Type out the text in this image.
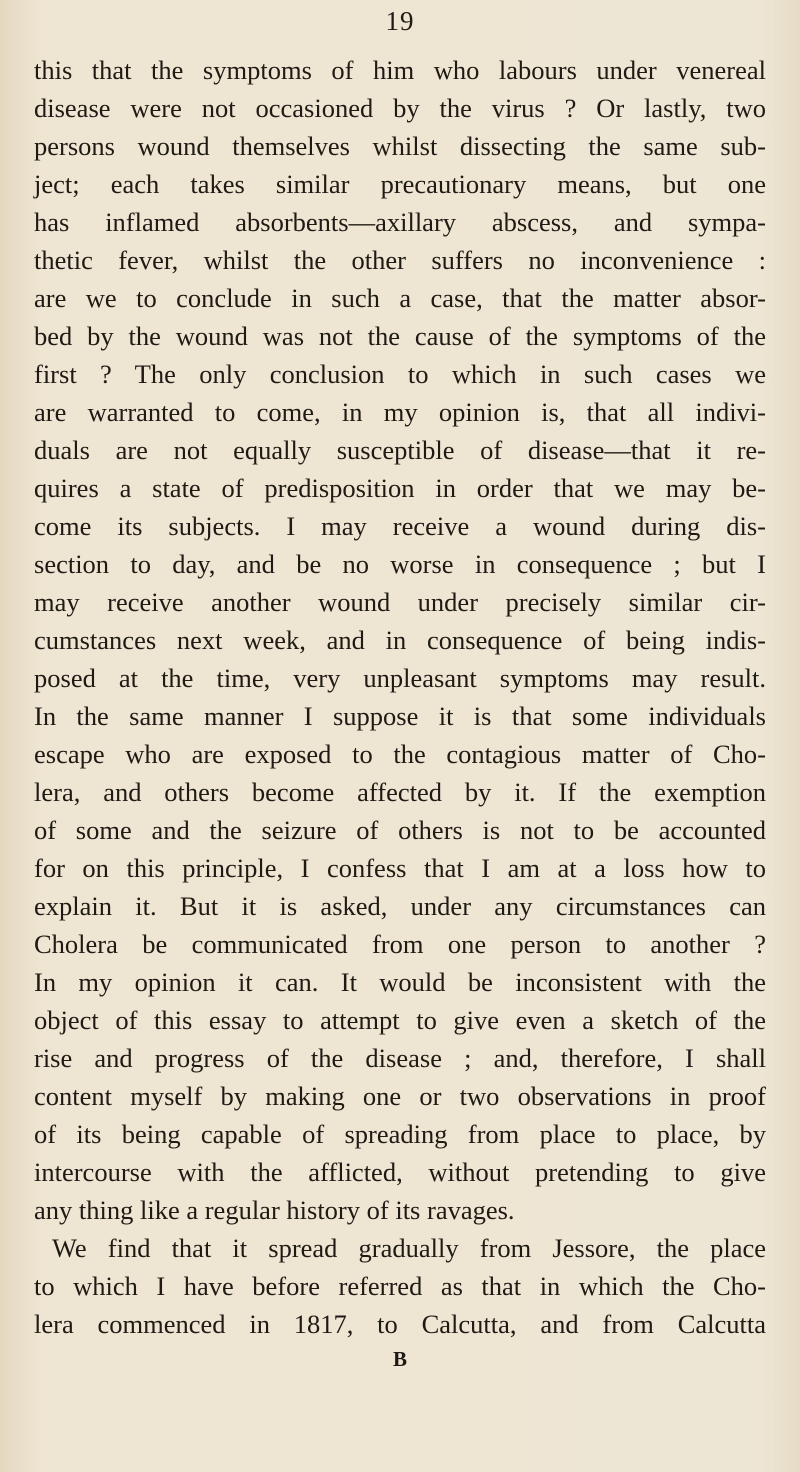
19
this that the symptoms of him who labours under venereal
disease were not occasioned by the virus ? Or lastly, two
persons wound themselves whilst dissecting the same sub-
ject; each takes similar precautionary means, but one
has inflamed absorbents—axillary abscess, and sympa-
thetic fever, whilst the other suffers no inconvenience :
are we to conclude in such a case, that the matter absor-
bed by the wound was not the cause of the symptoms of the
first ? The only conclusion to which in such cases we
are warranted to come, in my opinion is, that all indivi-
duals are not equally susceptible of disease—that it re-
quires a state of predisposition in order that we may be-
come its subjects. I may receive a wound during dis-
section to day, and be no worse in consequence ; but I
may receive another wound under precisely similar cir-
cumstances next week, and in consequence of being indis-
posed at the time, very unpleasant symptoms may result.
In the same manner I suppose it is that some individuals
escape who are exposed to the contagious matter of Cho-
lera, and others become affected by it. If the exemption
of some and the seizure of others is not to be accounted
for on this principle, I confess that I am at a loss how to
explain it. But it is asked, under any circumstances can
Cholera be communicated from one person to another ?
In my opinion it can. It would be inconsistent with the
object of this essay to attempt to give even a sketch of the
rise and progress of the disease ; and, therefore, I shall
content myself by making one or two observations in proof
of its being capable of spreading from place to place, by
intercourse with the afflicted, without pretending to give
any thing like a regular history of its ravages.
We find that it spread gradually from Jessore, the place
to which I have before referred as that in which the Cho-
lera commenced in 1817, to Calcutta, and from Calcutta
B
